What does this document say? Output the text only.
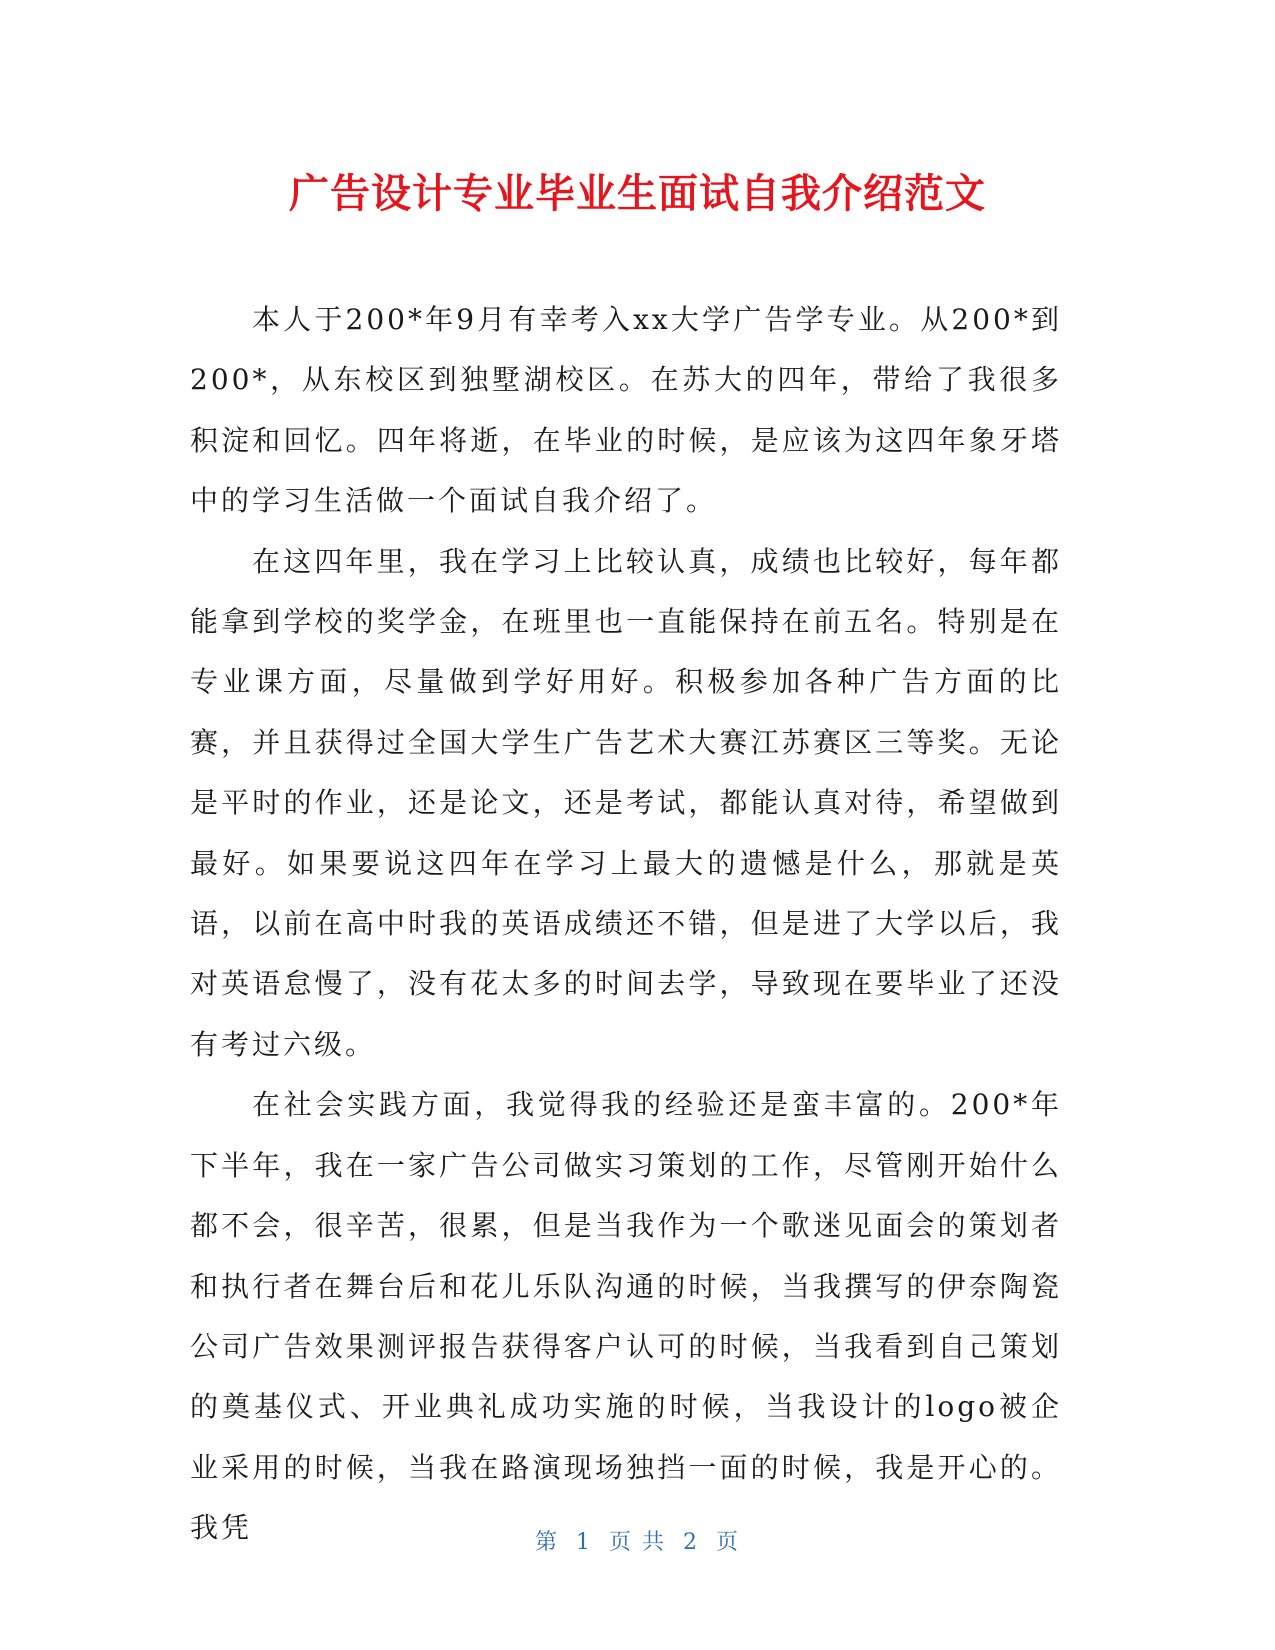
广告设计专业毕业生面试自我介绍范文

本人于200*年9月有幸考入xx大学广告学专业。从200*到200*，从东校区到独墅湖校区。在苏大的四年，带给了我很多积淀和回忆。四年将逝，在毕业的时候，是应该为这四年象牙塔中的学习生活做一个面试自我介绍了。

在这四年里，我在学习上比较认真，成绩也比较好，每年都能拿到学校的奖学金，在班里也一直能保持在前五名。特别是在专业课方面，尽量做到学好用好。积极参加各种广告方面的比赛，并且获得过全国大学生广告艺术大赛江苏赛区三等奖。无论是平时的作业，还是论文，还是考试，都能认真对待，希望做到最好。如果要说这四年在学习上最大的遗憾是什么，那就是英语，以前在高中时我的英语成绩还不错，但是进了大学以后，我对英语怠慢了，没有花太多的时间去学，导致现在要毕业了还没有考过六级。

在社会实践方面，我觉得我的经验还是蛮丰富的。200*年下半年，我在一家广告公司做实习策划的工作，尽管刚开始什么都不会，很辛苦，很累，但是当我作为一个歌迷见面会的策划者和执行者在舞台后和花儿乐队沟通的时候，当我撰写的伊奈陶瓷公司广告效果测评报告获得客户认可的时候，当我看到自己策划的奠基仪式、开业典礼成功实施的时候，当我设计的logo被企业采用的时候，当我在路演现场独挡一面的时候，我是开心的。我凭	第 1 页 共 2 页
